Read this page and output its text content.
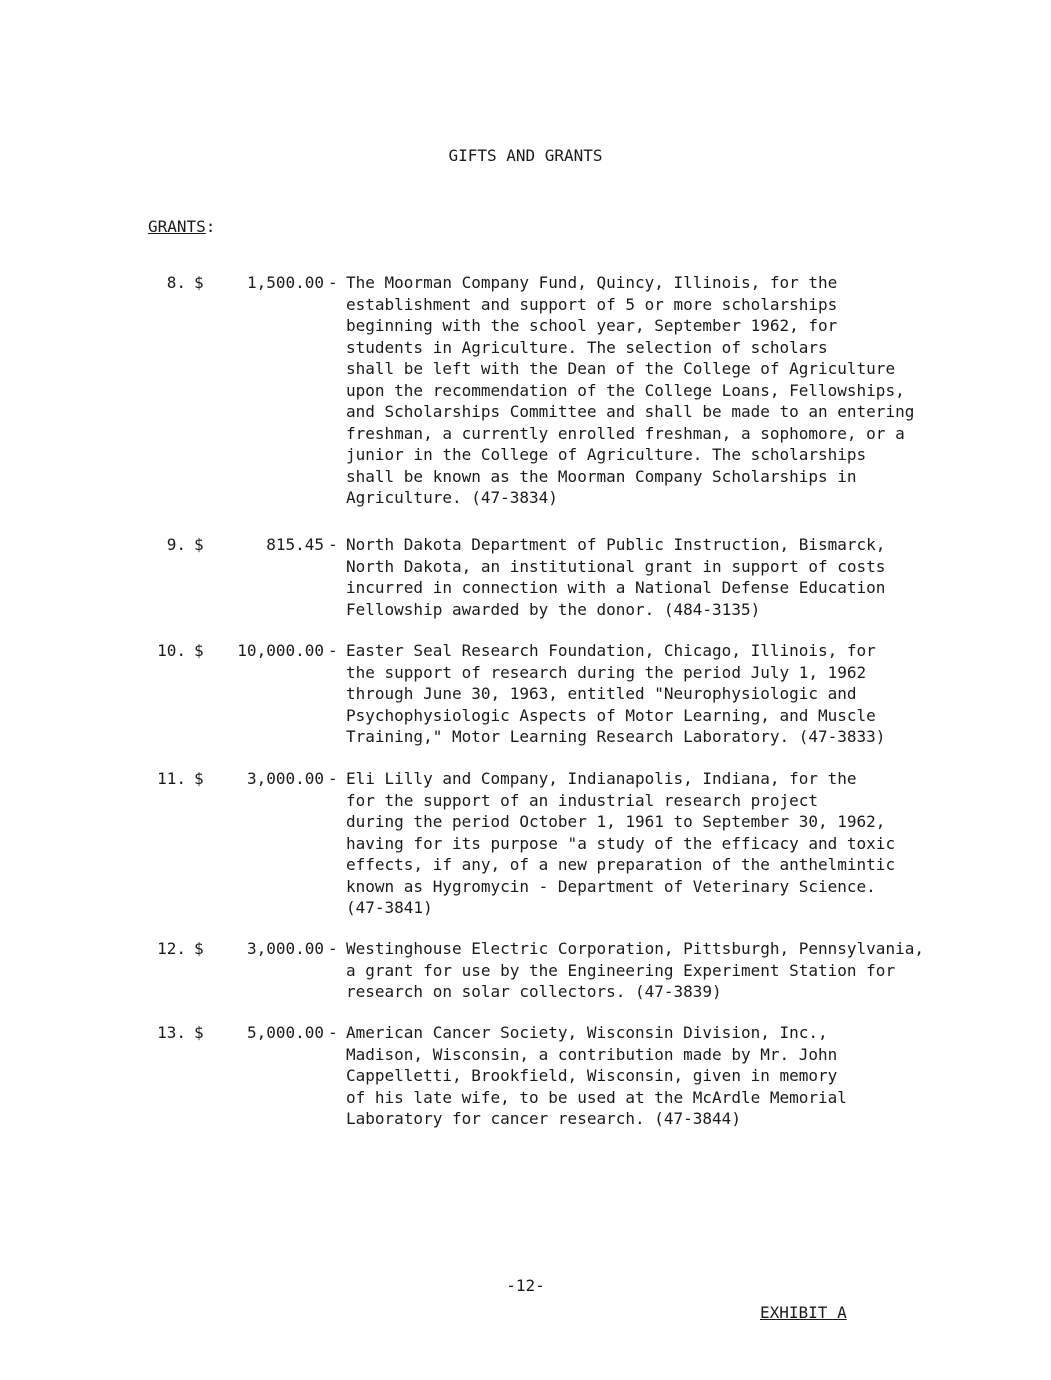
GIFTS AND GRANTS
GRANTS:
8. $	1,500.00 - The Moorman Company Fund, Quincy, Illinois, for the
establishment and support of 5 or more scholarships
beginning with the school year, September 1962, for
students in Agriculture. The selection of scholars
shall be left with the Dean of the College of Agriculture
upon the recommendation of the College Loans, Fellowships,
and Scholarships Committee and shall be made to an entering
freshman, a currently enrolled freshman, a sophomore, or a
junior in the College of Agriculture. The scholarships
shall be known as the Moorman Company Scholarships in
Agriculture. (47-3834)
9. $	815.45 - North Dakota Department of Public Instruction, Bismarck,
North Dakota, an institutional grant in support of costs
incurred in connection with a National Defense Education
Fellowship awarded by the donor. (484-3135)
10. $	10,000.00 - Easter Seal Research Foundation, Chicago, Illinois, for
the support of research during the period July 1, 1962
through June 30, 1963, entitled "Neurophysiologic and
Psychophysiologic Aspects of Motor Learning, and Muscle
Training," Motor Learning Research Laboratory. (47-3833)
11. $	3,000.00 - Eli Lilly and Company, Indianapolis, Indiana, for the
for the support of an industrial research project
during the period October 1, 1961 to September 30, 1962,
having for its purpose "a study of the efficacy and toxic
effects, if any, of a new preparation of the anthelmintic
known as Hygromycin - Department of Veterinary Science.
(47-3841)
12. $	3,000.00 - Westinghouse Electric Corporation, Pittsburgh, Pennsylvania,
a grant for use by the Engineering Experiment Station for
research on solar collectors. (47-3839)
13. $	5,000.00 - American Cancer Society, Wisconsin Division, Inc.,
Madison, Wisconsin, a contribution made by Mr. John
Cappelletti, Brookfield, Wisconsin, given in memory
of his late wife, to be used at the McArdle Memorial
Laboratory for cancer research. (47-3844)
-12-
EXHIBIT A
